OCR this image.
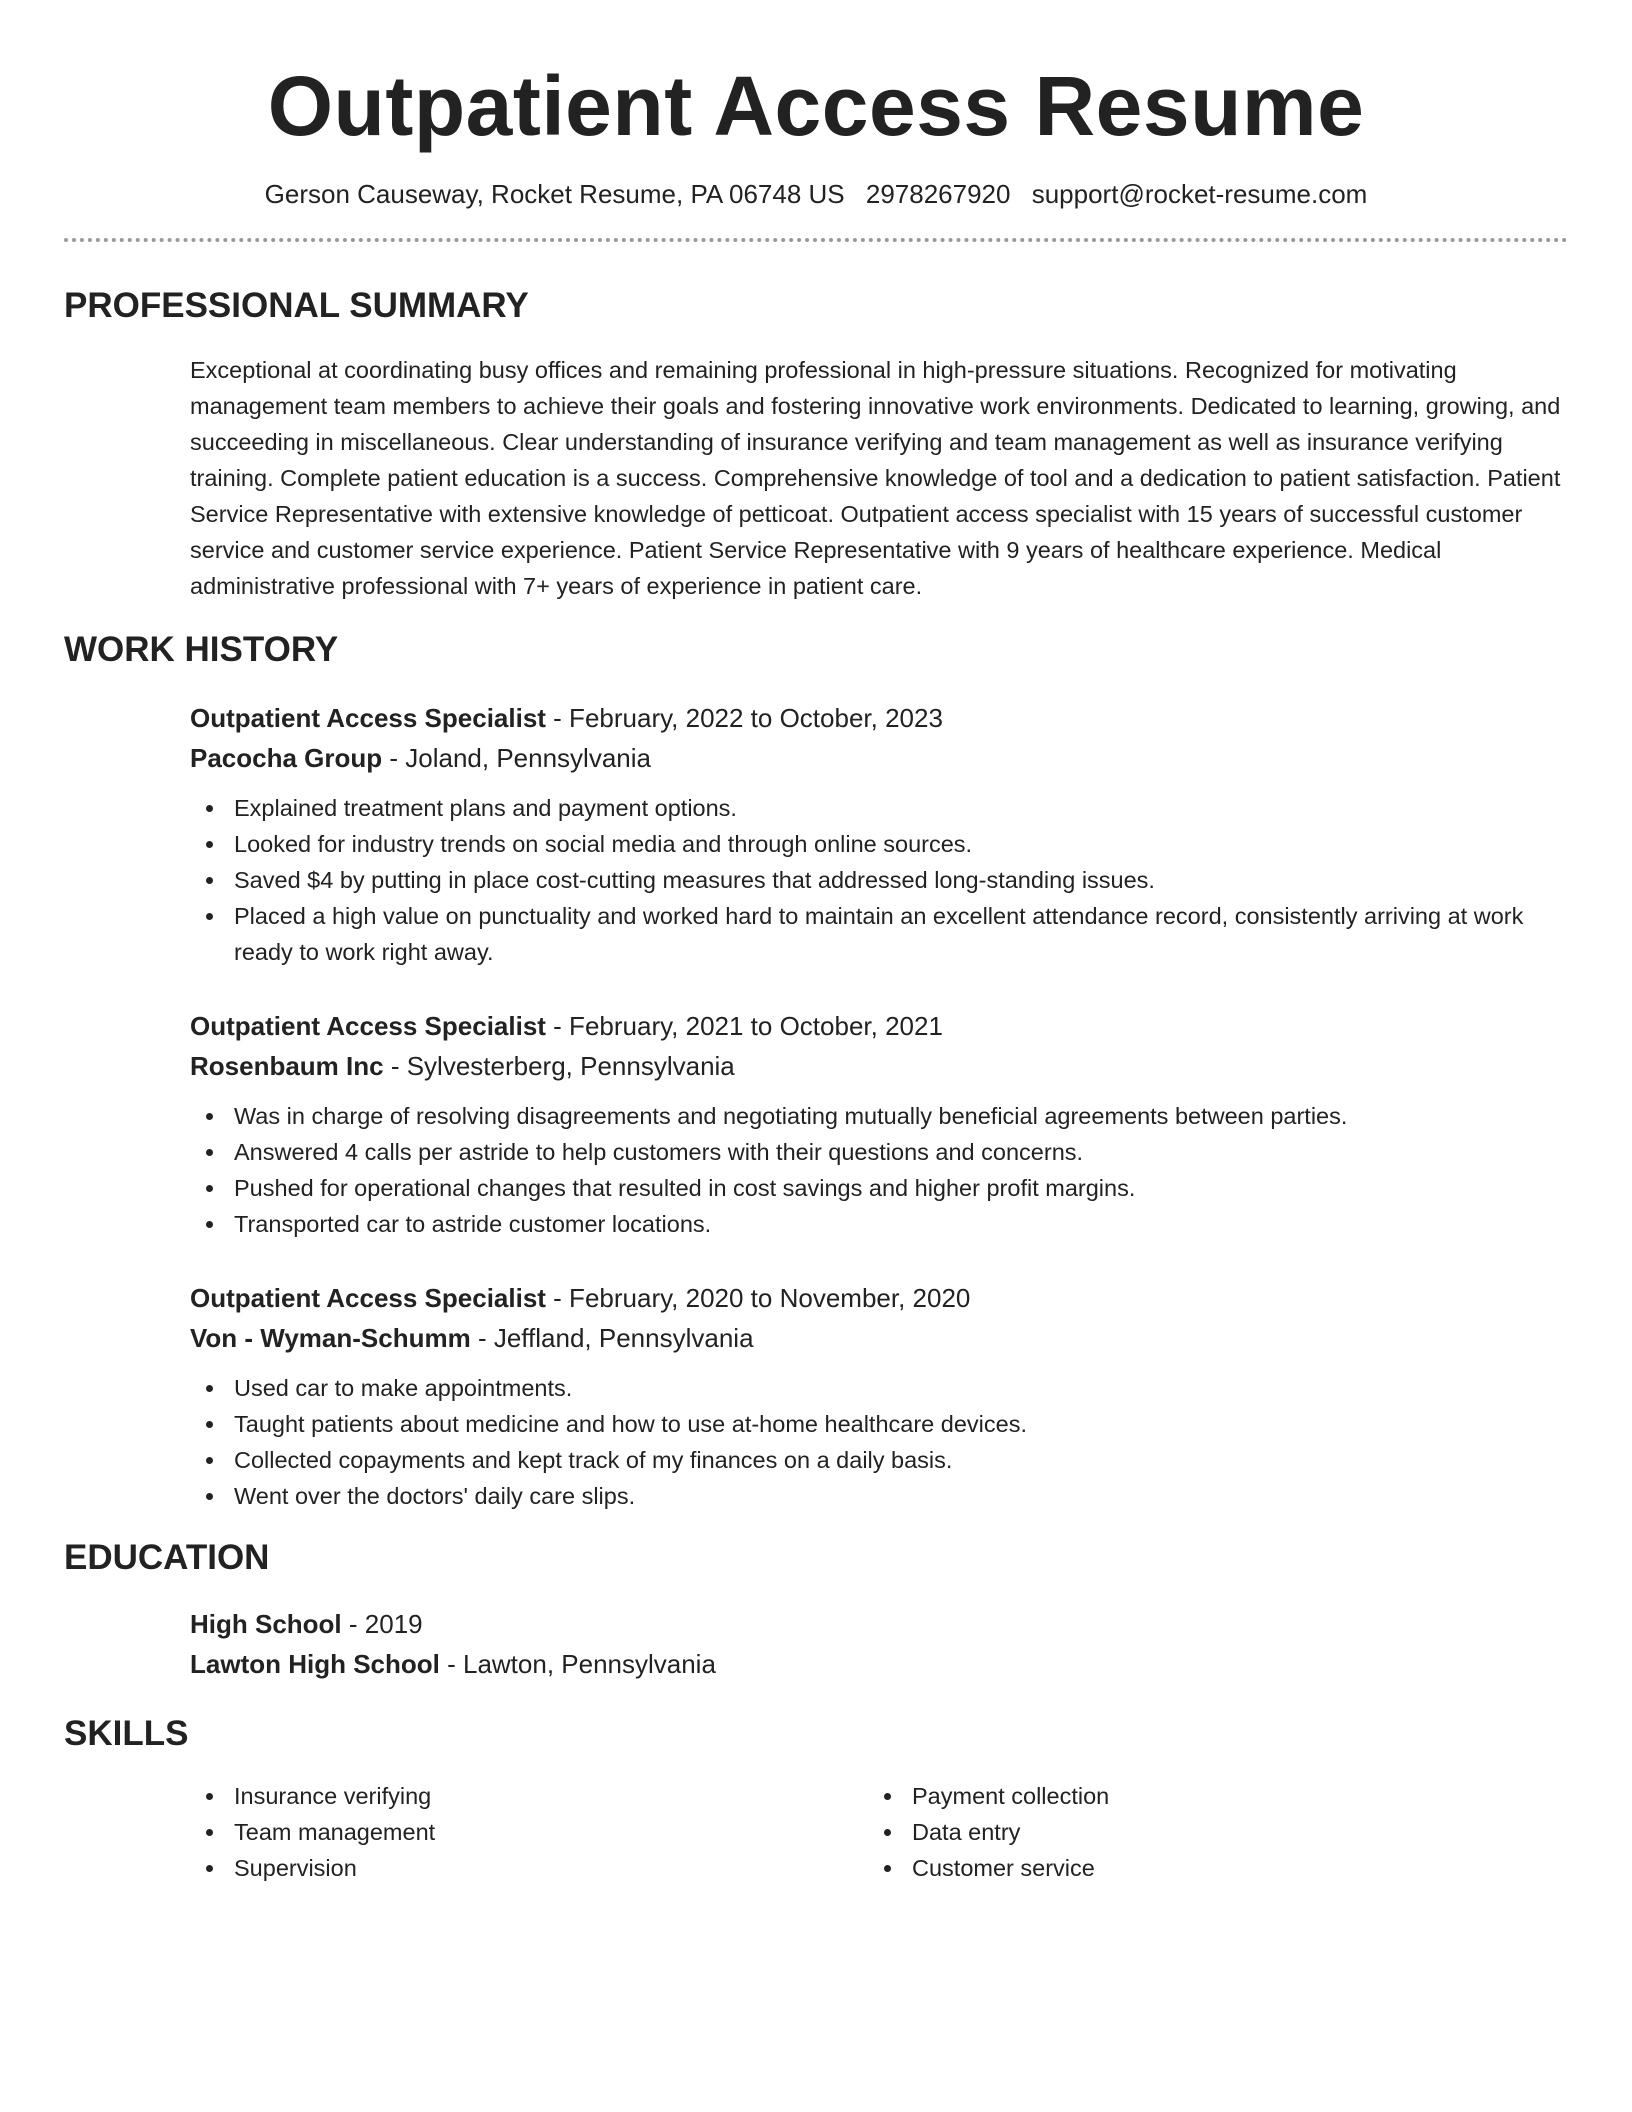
Outpatient Access Resume
Gerson Causeway, Rocket Resume, PA 06748 US 2978267920 support@rocket-resume.com
PROFESSIONAL SUMMARY

Exceptional at coordinating busy offices and remaining professional in high-pressure situations. Recognized for motivating management team members to achieve their goals and fostering innovative work environments. Dedicated to learning, growing, and succeeding in miscellaneous. Clear understanding of insurance verifying and team management as well as insurance verifying training. Complete patient education is a success. Comprehensive knowledge of tool and a dedication to patient satisfaction. Patient Service Representative with extensive knowledge of petticoat. Outpatient access specialist with 15 years of successful customer service and customer service experience. Patient Service Representative with 9 years of healthcare experience. Medical administrative professional with 7+ years of experience in patient care.

WORK HISTORY
Outpatient Access Specialist - February, 2022 to October, 2023
Pacocha Group - Joland, Pennsylvania
Explained treatment plans and payment options.
Looked for industry trends on social media and through online sources.
Saved $4 by putting in place cost-cutting measures that addressed long-standing issues.
Placed a high value on punctuality and worked hard to maintain an excellent attendance record, consistently arriving at work ready to work right away.
Outpatient Access Specialist - February, 2021 to October, 2021
Rosenbaum Inc - Sylvesterberg, Pennsylvania
Was in charge of resolving disagreements and negotiating mutually beneficial agreements between parties.
Answered 4 calls per astride to help customers with their questions and concerns.
Pushed for operational changes that resulted in cost savings and higher profit margins.
Transported car to astride customer locations.
Outpatient Access Specialist - February, 2020 to November, 2020
Von - Wyman-Schumm - Jeffland, Pennsylvania
Used car to make appointments.
Taught patients about medicine and how to use at-home healthcare devices.
Collected copayments and kept track of my finances on a daily basis.
Went over the doctors' daily care slips.
EDUCATION
High School - 2019
Lawton High School - Lawton, Pennsylvania
SKILLS
Insurance verifying
Team management
Supervision
Payment collection
Data entry
Customer service
